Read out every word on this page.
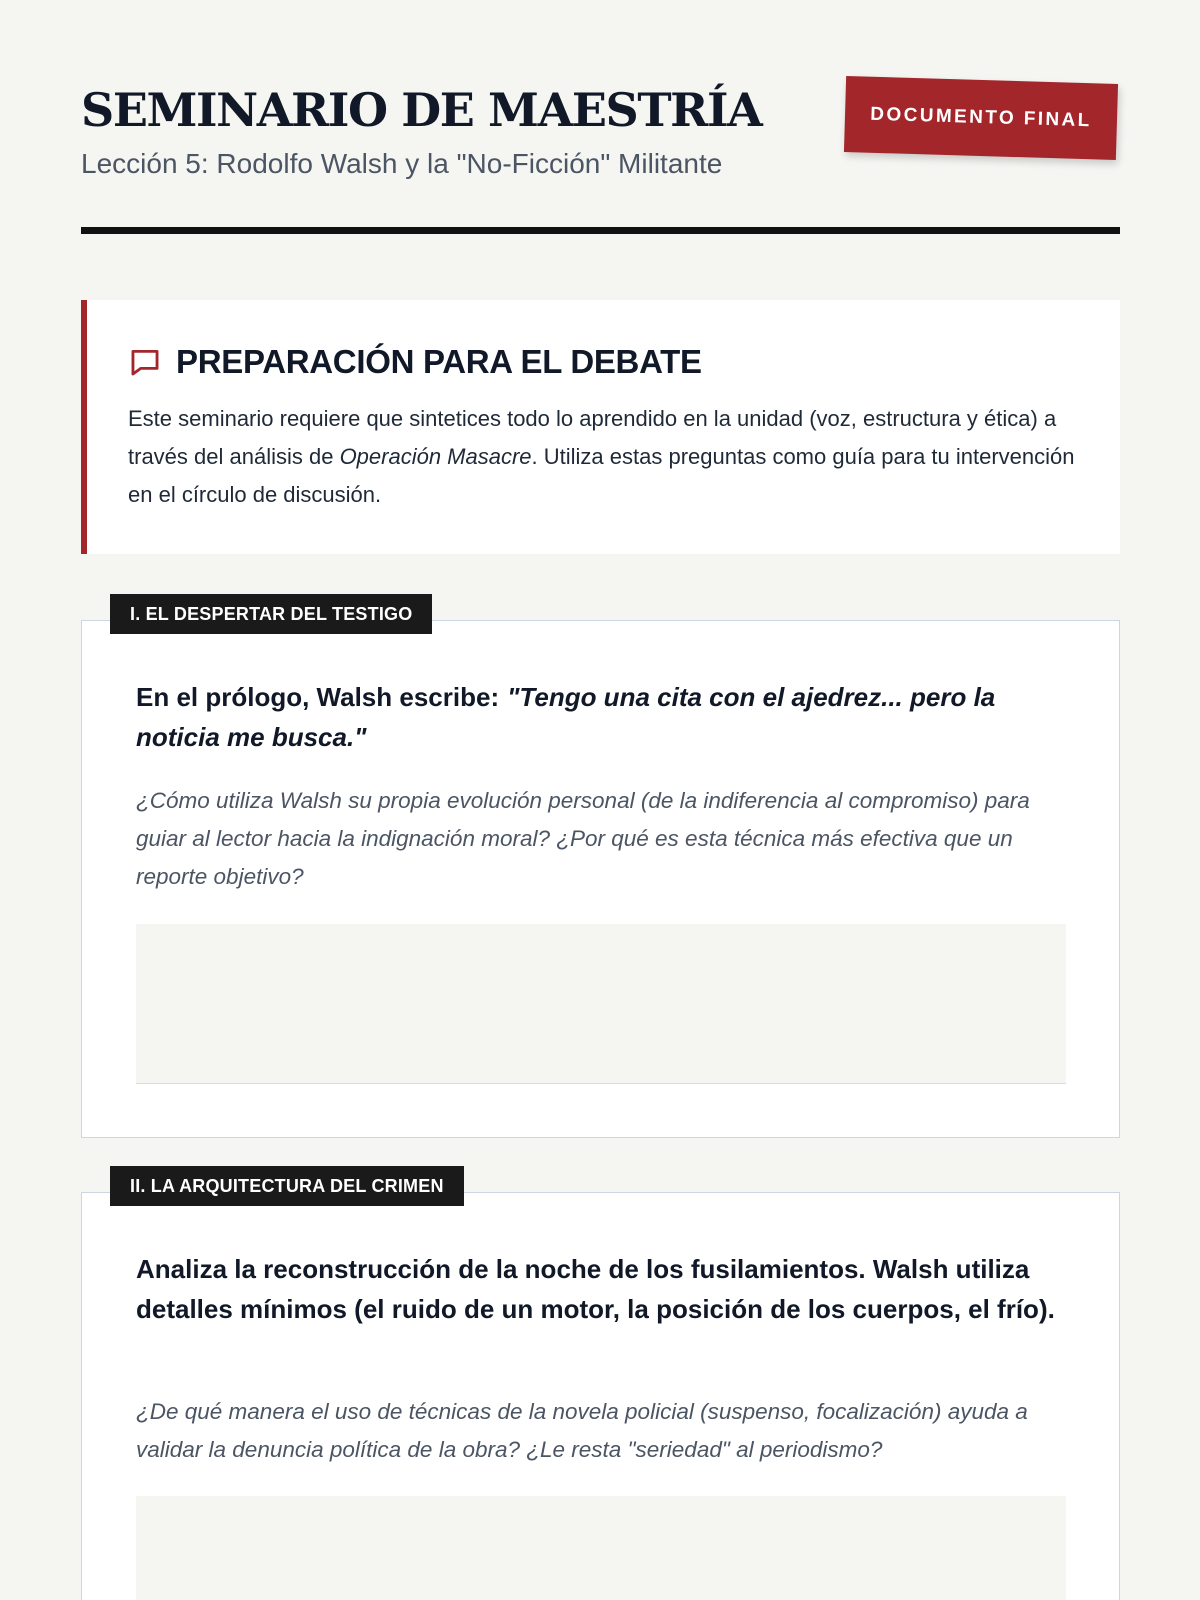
SEMINARIO DE MAESTRÍA
Lección 5: Rodolfo Walsh y la "No-Ficción" Militante
DOCUMENTO FINAL
PREPARACIÓN PARA EL DEBATE

Este seminario requiere que sintetices todo lo aprendido en la unidad (voz, estructura y ética) a través del análisis de Operación Masacre. Utiliza estas preguntas como guía para tu intervención en el círculo de discusión.

I. EL DESPERTAR DEL TESTIGO
En el prólogo, Walsh escribe: "Tengo una cita con el ajedrez... pero la noticia me busca."

¿Cómo utiliza Walsh su propia evolución personal (de la indiferencia al compromiso) para guiar al lector hacia la indignación moral? ¿Por qué es esta técnica más efectiva que un reporte objetivo?

II. LA ARQUITECTURA DEL CRIMEN
Analiza la reconstrucción de la noche de los fusilamientos. Walsh utiliza detalles mínimos (el ruido de un motor, la posición de los cuerpos, el frío).

¿De qué manera el uso de técnicas de la novela policial (suspenso, focalización) ayuda a validar la denuncia política de la obra? ¿Le resta "seriedad" al periodismo?
